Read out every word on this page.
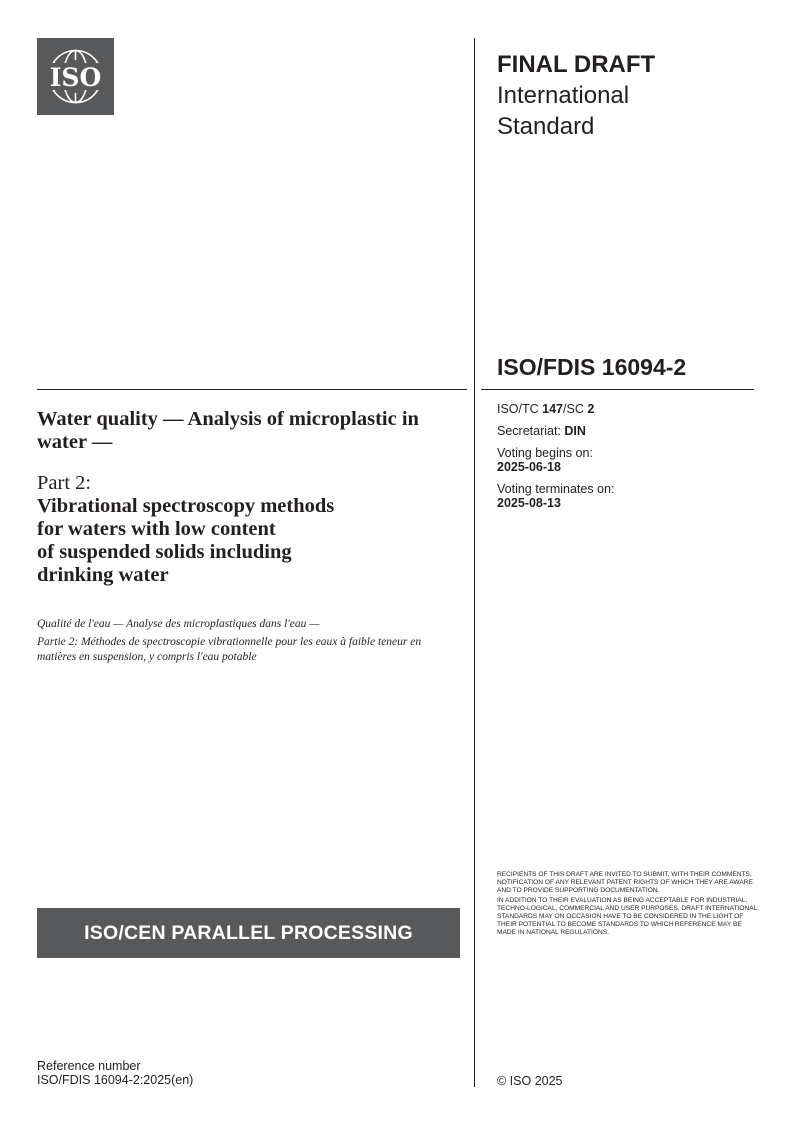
ISO	FINAL DRAFT
International
Standard
ISO/FDIS 16094-2
ISO/TC 147/SC 2
Secretariat: DIN
Voting begins on:
2025-06-18
Voting terminates on:
2025-08-13
Water quality — Analysis of microplastic in water —
Part 2:
Vibrational spectroscopy methods
for waters with low content
of suspended solids including
drinking water
Qualité de l'eau — Analyse des microplastiques dans l'eau —
Partie 2: Méthodes de spectroscopie vibrationnelle pour les eaux à faible teneur en matières en suspension, y compris l'eau potable
ISO/CEN PARALLEL PROCESSING
RECIPIENTS OF THIS DRAFT ARE INVITED TO SUBMIT, WITH THEIR COMMENTS, NOTIFICATION OF ANY RELEVANT PATENT RIGHTS OF WHICH THEY ARE AWARE AND TO PROVIDE SUPPORTING DOCUMENTATION.
IN ADDITION TO THEIR EVALUATION AS BEING ACCEPTABLE FOR INDUSTRIAL, TECHNO-LOGICAL, COMMERCIAL AND USER PURPOSES, DRAFT INTERNATIONAL STANDARDS MAY ON OCCASION HAVE TO BE CONSIDERED IN THE LIGHT OF THEIR POTENTIAL TO BECOME STANDARDS TO WHICH REFERENCE MAY BE MADE IN NATIONAL REGULATIONS.
Reference number
ISO/FDIS 16094-2:2025(en)	© ISO 2025
